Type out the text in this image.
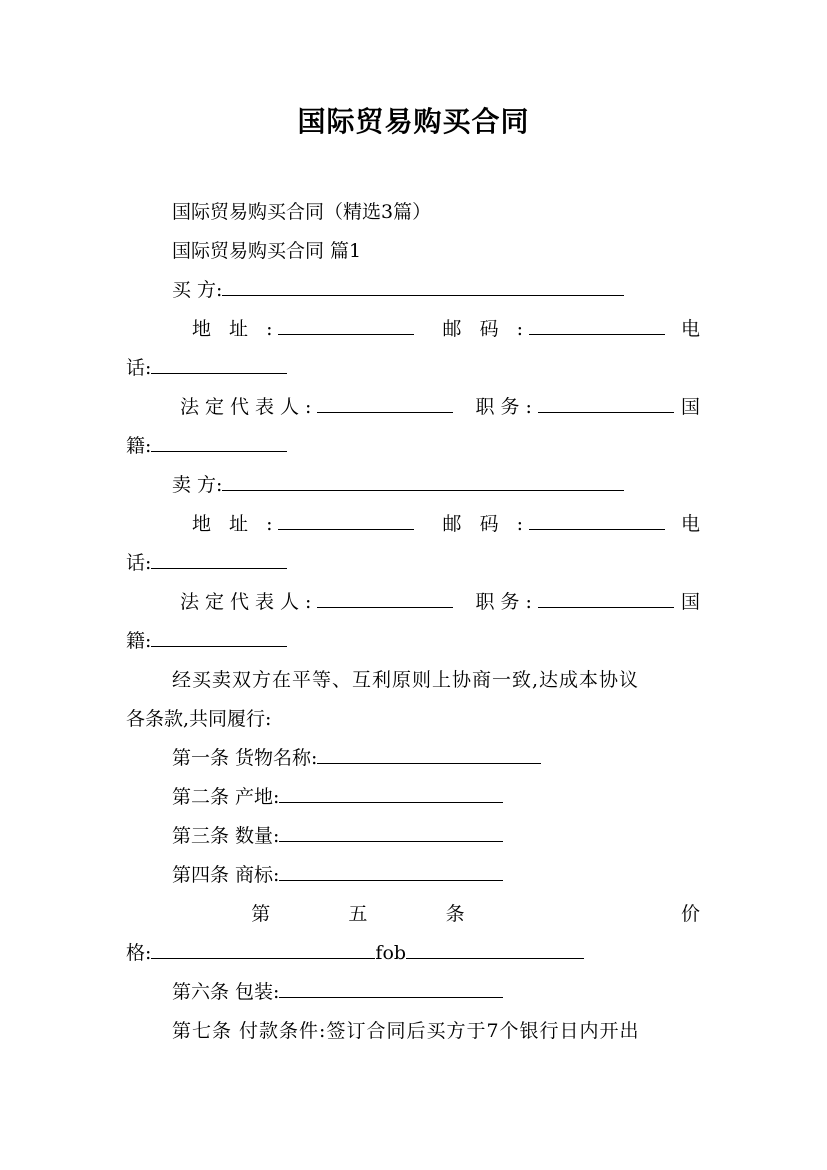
国际贸易购买合同
国际贸易购买合同（精选3篇）
国际贸易购买合同 篇1
买 方:
地 址 :	邮 码 :	电
话:
法定代表人:	职务:	国
籍:
卖 方:
地 址 :	邮 码 :	电
话:
法定代表人:	职务:	国
籍:
经买卖双方在平等、互利原则上协商一致,达成本协议
各条款,共同履行:
第一条 货物名称:
第二条 产地:
第三条 数量:
第四条 商标:
第	五	条	价
格:	fob
第六条 包装:
第七条 付款条件:签订合同后买方于7个银行日内开出
